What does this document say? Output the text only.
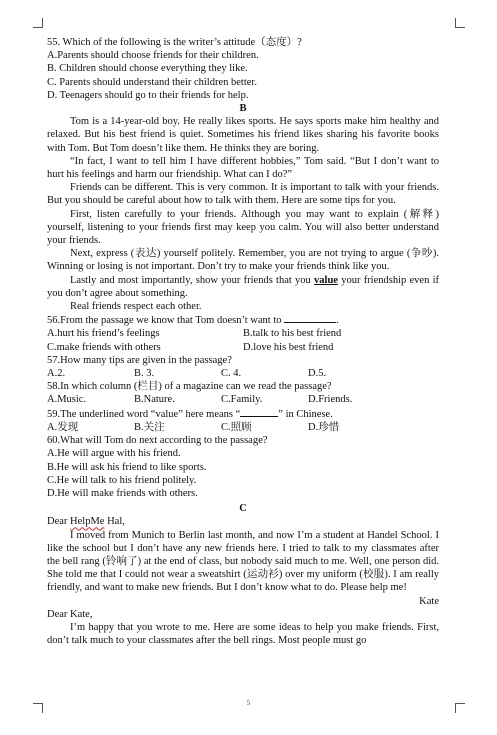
55. Which of the following is the writer’s attitude（态度）?

A.Parents should choose friends for their children.

B. Children should choose everything they like.

C. Parents should understand their children better.

D. Teenagers should go to their friends for help.

B

Tom is a 14-year-old boy. He really likes sports. He says sports make him healthy and relaxed. But his best friend is quiet. Sometimes his friend likes sharing his favorite books with Tom. But Tom doesn’t like them. He thinks they are boring.

“In fact, I want to tell him I have different hobbies,” Tom said. “But I don’t want to hurt his feelings and harm our friendship. What can I do?”

Friends can be different. This is very common. It is important to talk with your friends. But you should be careful about how to talk with them. Here are some tips for you.

First, listen carefully to your friends. Although you may want to explain (解释) yourself, listening to your friends first may keep you calm. You will also better understand your friends.

Next, express (表达) yourself politely. Remember, you are not trying to argue (争吵). Winning or losing is not important. Don’t try to make your friends think like you.

Lastly and most importantly, show your friends that you value your friendship even if you don’t agree about something.

Real friends respect each other.

56.From the passage we know that Tom doesn’t want to	.

A.hurt his friend’s feelings	B.talk to his best friend
C.make friends with others	D.love his best friend

57.How many tips are given in the passage?

A.2.	B. 3.	C. 4.	D.5.

58.In which column (栏目) of a magazine can we read the passage?

A.Music.	B.Nature.	C.Family.	D.Friends.

59.The underlined word “value” here means “	” in Chinese.

A.发现	B.关注	C.照顾	D.珍惜

60.What will Tom do next according to the passage?

A.He will argue with his friend.

B.He will ask his friend to like sports.

C.He will talk to his friend politely.

D.He will make friends with others.

C

Dear HelpMe Hal,

I moved from Munich to Berlin last month, and now I’m a student at Handel School. I like the school but I don’t have any new friends here. I tried to talk to my classmates after the bell rang (铃响了) at the end of class, but nobody said much to me. Well, one person did. She told me that I could not wear a sweatshirt (运动衫) over my uniform (校服). I am really friendly, and want to make new friends. But I don’t know what to do. Please help me!

Kate

Dear Kate,

I’m happy that you wrote to me. Here are some ideas to help you make friends. First, don’t talk much to your classmates after the bell rings. Most people must go

5
